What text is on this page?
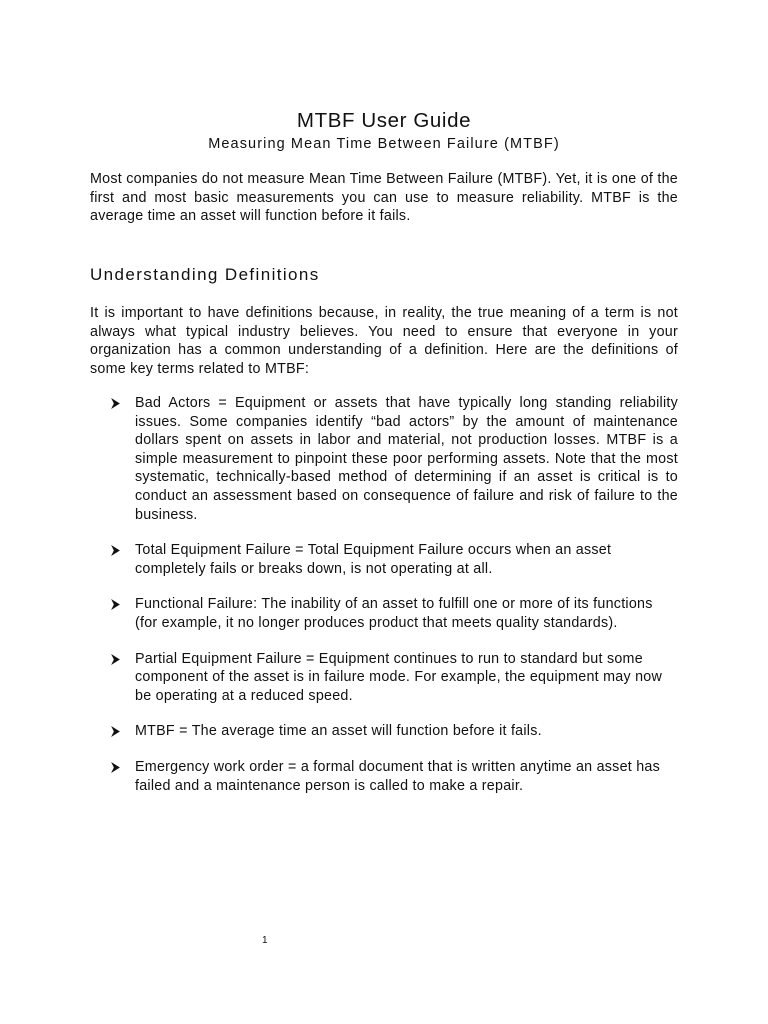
MTBF User Guide
Measuring Mean Time Between Failure (MTBF)

Most companies do not measure Mean Time Between Failure (MTBF). Yet, it is one of the first and most basic measurements you can use to measure reliability. MTBF is the average time an asset will function before it fails.

Understanding Definitions

It is important to have definitions because, in reality, the true meaning of a term is not always what typical industry believes. You need to ensure that everyone in your organization has a common understanding of a definition. Here are the definitions of some key terms related to MTBF:

Bad Actors = Equipment or assets that have typically long standing reliability issues. Some companies identify “bad actors” by the amount of maintenance dollars spent on assets in labor and material, not production losses. MTBF is a simple measurement to pinpoint these poor performing assets. Note that the most systematic, technically-based method of determining if an asset is critical is to conduct an assessment based on consequence of failure and risk of failure to the business.
Total Equipment Failure = Total Equipment Failure occurs when an asset completely fails or breaks down, is not operating at all.
Functional Failure: The inability of an asset to fulfill one or more of its functions (for example, it no longer produces product that meets quality standards).
Partial Equipment Failure = Equipment continues to run to standard but some component of the asset is in failure mode. For example, the equipment may now be operating at a reduced speed.
MTBF = The average time an asset will function before it fails.
Emergency work order = a formal document that is written anytime an asset has failed and a maintenance person is called to make a repair.
1
